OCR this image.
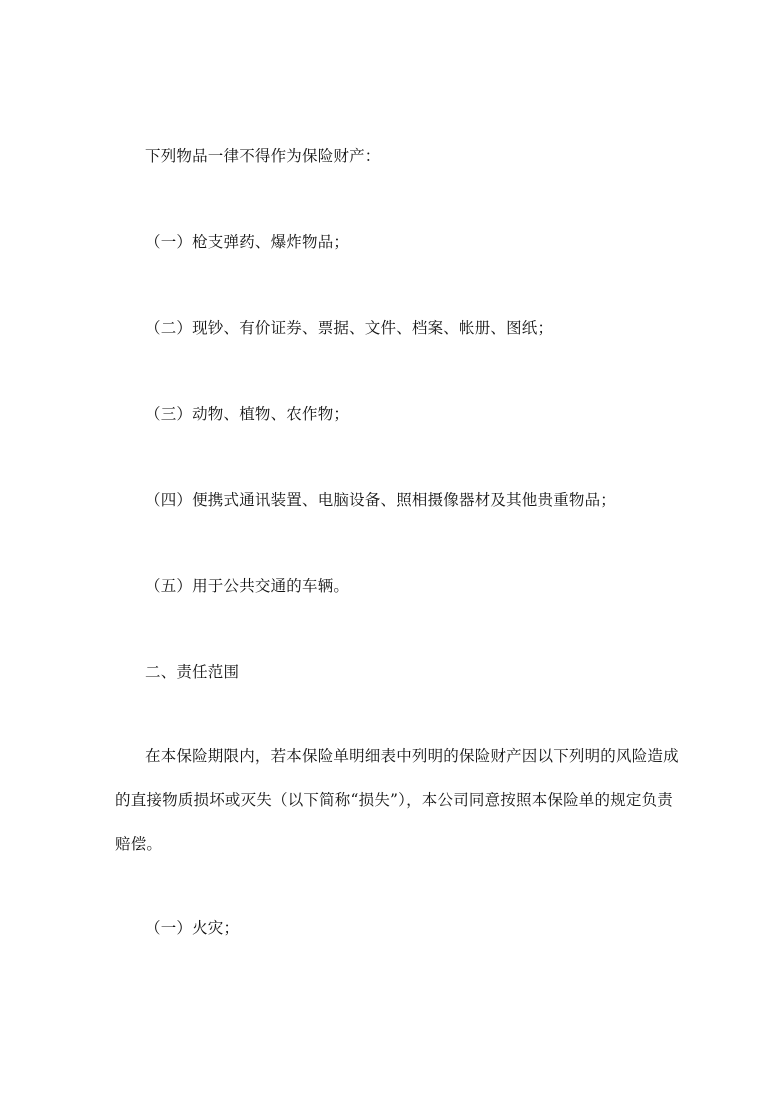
下列物品一律不得作为保险财产：
（一）枪支弹药、爆炸物品；
（二）现钞、有价证券、票据、文件、档案、帐册、图纸；
（三）动物、植物、农作物；
（四）便携式通讯装置、电脑设备、照相摄像器材及其他贵重物品；
（五）用于公共交通的车辆。
二、责任范围
在本保险期限内，若本保险单明细表中列明的保险财产因以下列明的风险造成
的直接物质损坏或灭失（以下简称“损失”），本公司同意按照本保险单的规定负责
赔偿。
（一）火灾；
